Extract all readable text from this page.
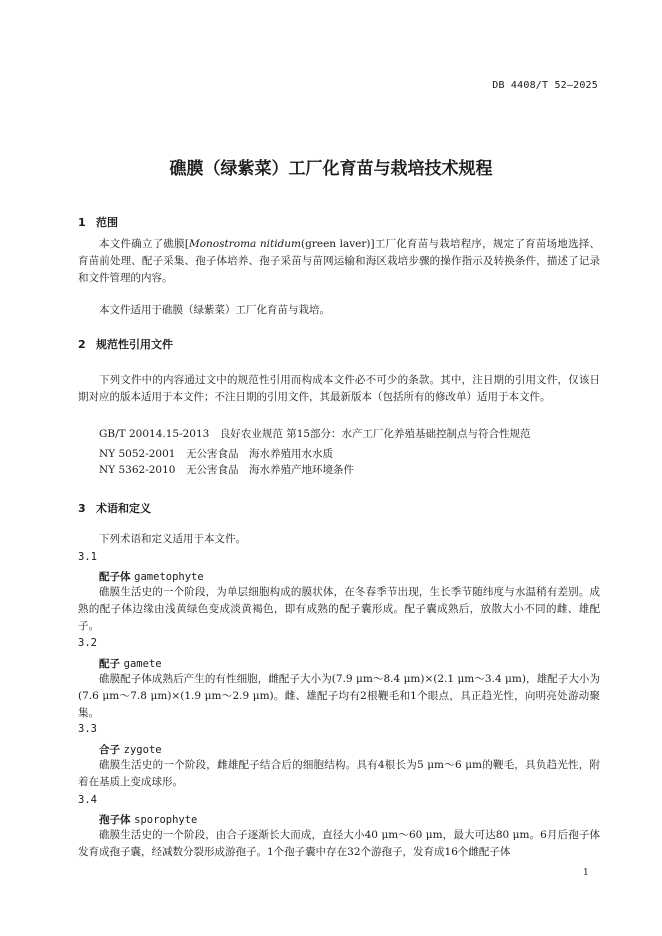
DB 4408/T 52—2025
礁膜（绿紫菜）工厂化育苗与栽培技术规程
1 范围

本文件确立了礁膜[Monostroma nitidum(green laver)]工厂化育苗与栽培程序，规定了育苗场地选择、育苗前处理、配子采集、孢子体培养、孢子采苗与苗网运输和海区栽培步骤的操作指示及转换条件，描述了记录和文件管理的内容。

本文件适用于礁膜（绿紫菜）工厂化育苗与栽培。

2 规范性引用文件

下列文件中的内容通过文中的规范性引用而构成本文件必不可少的条款。其中，注日期的引用文件，仅该日期对应的版本适用于本文件；不注日期的引用文件，其最新版本（包括所有的修改单）适用于本文件。

GB/T 20014.15-2013　良好农业规范 第15部分：水产工厂化养殖基础控制点与符合性规范
NY 5052-2001　无公害食品　海水养殖用水水质
NY 5362-2010　无公害食品　海水养殖产地环境条件
3 术语和定义

下列术语和定义适用于本文件。

3.1
配子体 gametophyte

礁膜生活史的一个阶段，为单层细胞构成的膜状体，在冬春季节出现，生长季节随纬度与水温稍有差别。成熟的配子体边缘由浅黄绿色变成淡黄褐色，即有成熟的配子囊形成。配子囊成熟后，放散大小不同的雌、雄配子。

3.2
配子 gamete

礁膜配子体成熟后产生的有性细胞，雌配子大小为(7.9 μm～8.4 μm)×(2.1 μm～3.4 μm)，雄配子大小为(7.6 μm～7.8 μm)×(1.9 μm～2.9 μm)。雌、雄配子均有2根鞭毛和1个眼点，具正趋光性，向明亮处游动聚集。

3.3
合子 zygote

礁膜生活史的一个阶段，雌雄配子结合后的细胞结构。具有4根长为5 μm～6 μm的鞭毛，具负趋光性，附着在基质上变成球形。

3.4
孢子体 sporophyte

礁膜生活史的一个阶段，由合子逐渐长大而成，直径大小40 μm～60 μm，最大可达80 μm。6月后孢子体发育成孢子囊，经减数分裂形成游孢子。1个孢子囊中存在32个游孢子，发育成16个雌配子体

1
